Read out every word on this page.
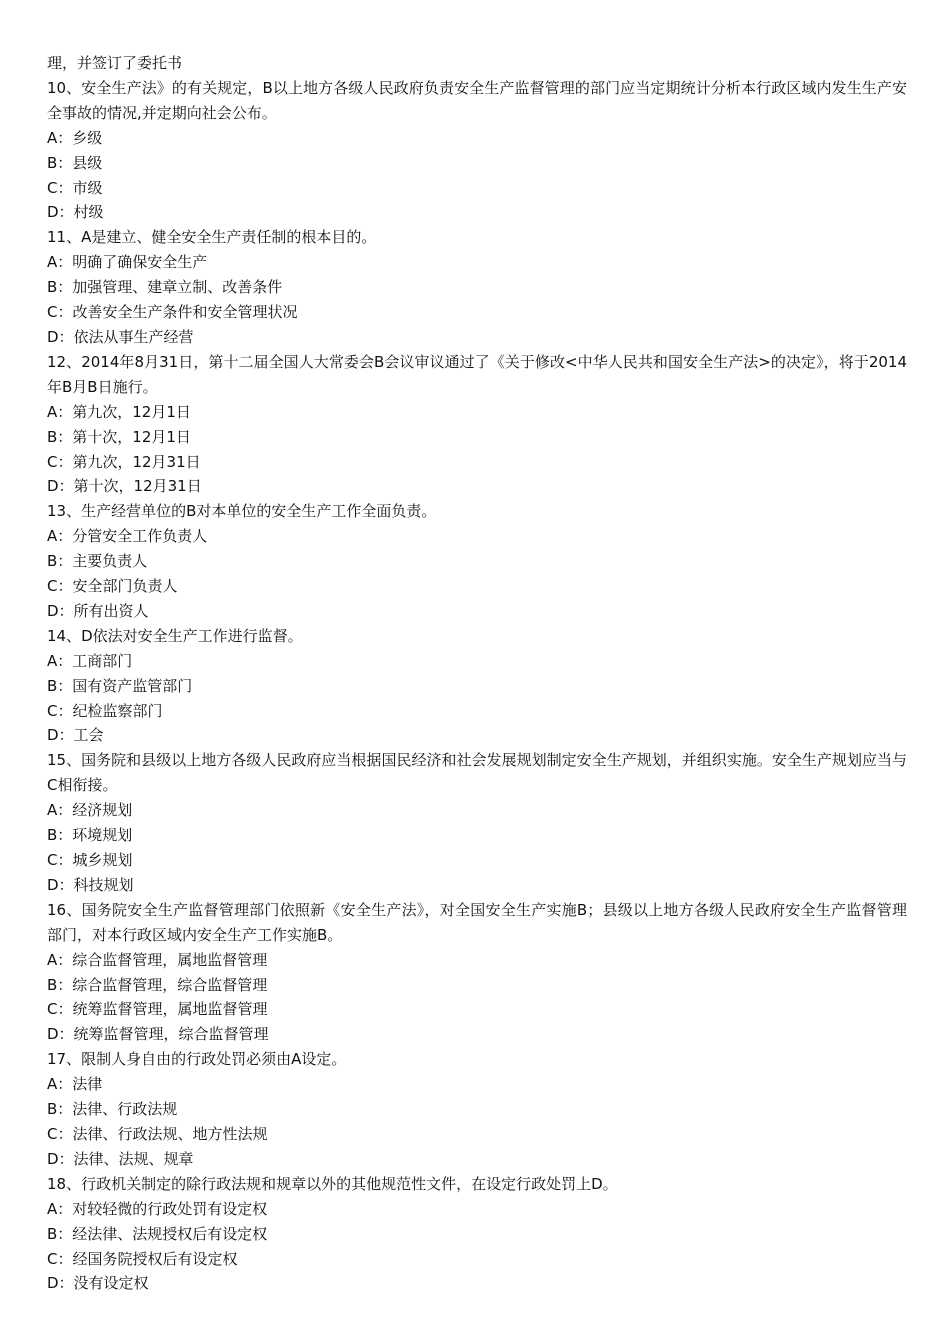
理，并签订了委托书
10、安全生产法》的有关规定，B以上地方各级人民政府负责安全生产监督管理的部门应当定期统计分析本行政区域内发生生产安全事故的情况,并定期向社会公布。
A：乡级
B：县级
C：市级
D：村级
11、A是建立、健全安全生产责任制的根本目的。
A：明确了确保安全生产
B：加强管理、建章立制、改善条件
C：改善安全生产条件和安全管理状况
D：依法从事生产经营
12、2014年8月31日，第十二届全国人大常委会B会议审议通过了《关于修改<中华人民共和国安全生产法>的决定》，将于2014年B月B日施行。
A：第九次，12月1日
B：第十次，12月1日
C：第九次，12月31日
D：第十次，12月31日
13、生产经营单位的B对本单位的安全生产工作全面负责。
A：分管安全工作负责人
B：主要负责人
C：安全部门负责人
D：所有出资人
14、D依法对安全生产工作进行监督。
A：工商部门
B：国有资产监管部门
C：纪检监察部门
D：工会
15、国务院和县级以上地方各级人民政府应当根据国民经济和社会发展规划制定安全生产规划，并组织实施。安全生产规划应当与C相衔接。
A：经济规划
B：环境规划
C：城乡规划
D：科技规划
16、国务院安全生产监督管理部门依照新《安全生产法》，对全国安全生产实施B；县级以上地方各级人民政府安全生产监督管理部门，对本行政区域内安全生产工作实施B。
A：综合监督管理，属地监督管理
B：综合监督管理，综合监督管理
C：统筹监督管理，属地监督管理
D：统筹监督管理，综合监督管理
17、限制人身自由的行政处罚必须由A设定。
A：法律
B：法律、行政法规
C：法律、行政法规、地方性法规
D：法律、法规、规章
18、行政机关制定的除行政法规和规章以外的其他规范性文件，在设定行政处罚上D。
A：对较轻微的行政处罚有设定权
B：经法律、法规授权后有设定权
C：经国务院授权后有设定权
D：没有设定权
